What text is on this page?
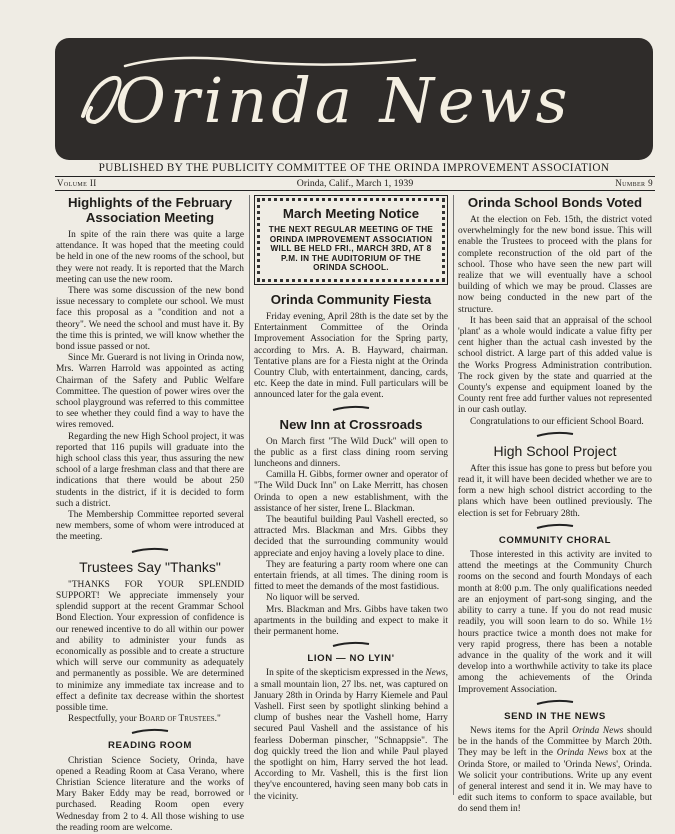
Orinda News
PUBLISHED BY THE PUBLICITY COMMITTEE OF THE ORINDA IMPROVEMENT ASSOCIATION
Volume II	Orinda, Calif., March 1, 1939	Number 9
Highlights of the February Association Meeting

In spite of the rain there was quite a large attendance. It was hoped that the meeting could be held in one of the new rooms of the school, but they were not ready. It is reported that the March meeting can use the new room.

There was some discussion of the new bond issue necessary to complete our school. We must face this proposal as a "condition and not a theory". We need the school and must have it. By the time this is printed, we will know whether the bond issue passed or not.

Since Mr. Guerard is not living in Orinda now, Mrs. Warren Harrold was appointed as acting Chairman of the Safety and Public Welfare Committee. The question of power wires over the school playground was referred to this committee to see whether they could find a way to have the wires removed.

Regarding the new High School project, it was reported that 116 pupils will graduate into the high school class this year, thus assuring the new school of a large freshman class and that there are indications that there would be about 250 students in the district, if it is decided to form such a district.

The Membership Committee reported several new members, some of whom were introduced at the meeting.

Trustees Say "Thanks"

"THANKS FOR YOUR SPLENDID SUPPORT! We appreciate immensely your splendid support at the recent Grammar School Bond Election. Your expression of confidence is our renewed incentive to do all within our power and ability to administer your funds as economically as possible and to create a structure which will serve our community as adequately and permanently as possible. We are determined to minimize any immediate tax increase and to effect a definite tax decrease within the shortest possible time.

Respectfully, your Board of Trustees."

READING ROOM

Christian Science Society, Orinda, have opened a Reading Room at Casa Verano, where Christian Science literature and the works of Mary Baker Eddy may be read, borrowed or purchased. Reading Room open every Wednesday from 2 to 4. All those wishing to use the reading room are welcome.

March Meeting Notice

THE NEXT REGULAR MEETING OF THE ORINDA IMPROVEMENT ASSOCIATION WILL BE HELD FRI., MARCH 3RD, AT 8 P.M. IN THE AUDITORIUM OF THE ORINDA SCHOOL.

Orinda Community Fiesta

Friday evening, April 28th is the date set by the Entertainment Committee of the Orinda Improvement Association for the Spring party, according to Mrs. A. B. Hayward, chairman. Tentative plans are for a Fiesta night at the Orinda Country Club, with entertainment, dancing, cards, etc. Keep the date in mind. Full particulars will be announced later for the gala event.

New Inn at Crossroads

On March first "The Wild Duck" will open to the public as a first class dining room serving luncheons and dinners.

Camilla H. Gibbs, former owner and operator of "The Wild Duck Inn" on Lake Merritt, has chosen Orinda to open a new establishment, with the assistance of her sister, Irene L. Blackman.

The beautiful building Paul Vashell erected, so attracted Mrs. Blackman and Mrs. Gibbs they decided that the surrounding community would appreciate and enjoy having a lovely place to dine.

They are featuring a party room where one can entertain friends, at all times. The dining room is fitted to meet the demands of the most fastidious.

No liquor will be served.

Mrs. Blackman and Mrs. Gibbs have taken two apartments in the building and expect to make it their permanent home.

LION — NO LYIN'

In spite of the skepticism expressed in the News, a small mountain lion, 27 lbs. net, was captured on January 28th in Orinda by Harry Kiemele and Paul Vashell. First seen by spotlight slinking behind a clump of bushes near the Vashell home, Harry secured Paul Vashell and the assistance of his fearless Doberman pinscher, "Schnappsie". The dog quickly treed the lion and while Paul played the spotlight on him, Harry served the hot lead. According to Mr. Vashell, this is the first lion they've encountered, having seen many bob cats in the vicinity.

Orinda School Bonds Voted

At the election on Feb. 15th, the district voted overwhelmingly for the new bond issue. This will enable the Trustees to proceed with the plans for complete reconstruction of the old part of the school. Those who have seen the new part will realize that we will eventually have a school building of which we may be proud. Classes are now being conducted in the new part of the structure.

It has been said that an appraisal of the school 'plant' as a whole would indicate a value fifty per cent higher than the actual cash invested by the school district. A large part of this added value is the Works Progress Administration contribution. The rock given by the state and quarried at the County's expense and equipment loaned by the County rent free add further values not represented in our cash outlay.

Congratulations to our efficient School Board.

High School Project

After this issue has gone to press but before you read it, it will have been decided whether we are to form a new high school district according to the plans which have been outlined previously. The election is set for February 28th.

COMMUNITY CHORAL

Those interested in this activity are invited to attend the meetings at the Community Church rooms on the second and fourth Mondays of each month at 8:00 p.m. The only qualifications needed are an enjoyment of part-song singing, and the ability to carry a tune. If you do not read music readily, you will soon learn to do so. While 1½ hours practice twice a month does not make for very rapid progress, there has been a notable advance in the quality of the work and it will develop into a worthwhile activity to take its place among the achievements of the Orinda Improvement Association.

SEND IN THE NEWS

News items for the April Orinda News should be in the hands of the Committee by March 20th. They may be left in the Orinda News box at the Orinda Store, or mailed to 'Orinda News', Orinda. We solicit your contributions. Write up any event of general interest and send it in. We may have to edit such items to conform to space available, but do send them in!
